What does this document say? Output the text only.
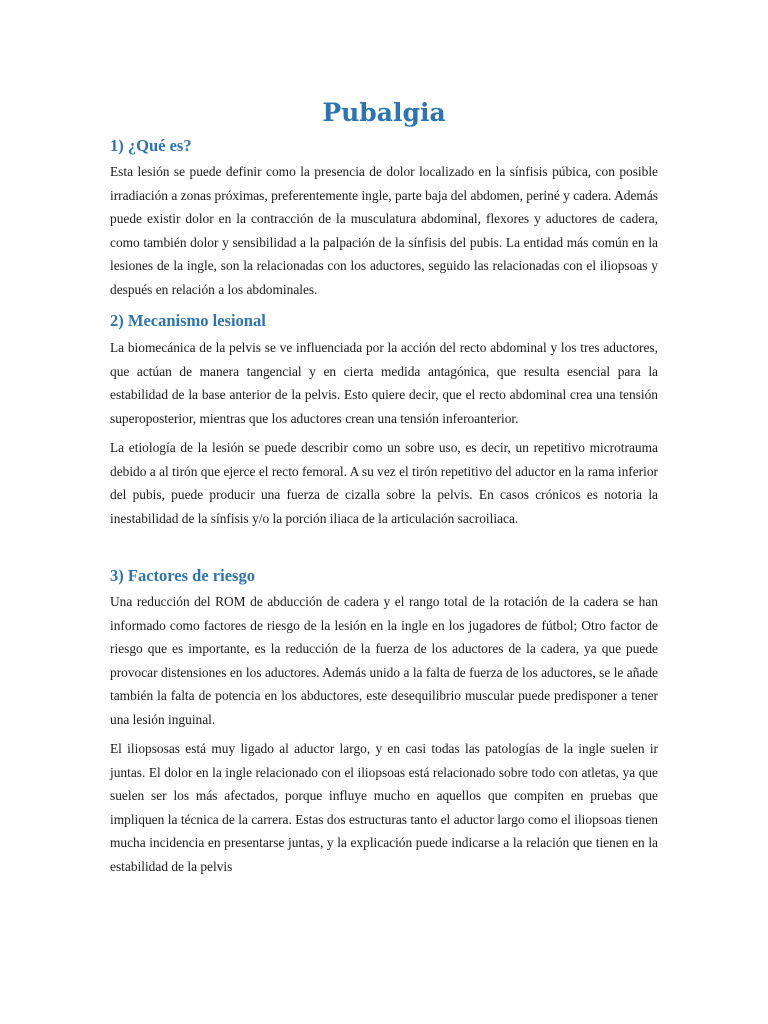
Pubalgia
1) ¿Qué es?

Esta lesión se puede definir como la presencia de dolor localizado en la sínfisis púbica, con posible irradiación a zonas próximas, preferentemente ingle, parte baja del abdomen, periné y cadera. Además puede existir dolor en la contracción de la musculatura abdominal, flexores y aductores de cadera, como también dolor y sensibilidad a la palpación de la sínfisis del pubis. La entidad más común en la lesiones de la ingle, son la relacionadas con los aductores, seguido las relacionadas con el iliopsoas y después en relación a los abdominales.

2) Mecanismo lesional

La biomecánica de la pelvis se ve influenciada por la acción del recto abdominal y los tres aductores, que actúan de manera tangencial y en cierta medida antagónica, que resulta esencial para la estabilidad de la base anterior de la pelvis. Esto quiere decir, que el recto abdominal crea una tensión superoposterior, mientras que los aductores crean una tensión inferoanterior.

La etiología de la lesión se puede describir como un sobre uso, es decir, un repetitivo microtrauma debido a al tirón que ejerce el recto femoral. A su vez el tirón repetitivo del aductor en la rama inferior del pubis, puede producir una fuerza de cizalla sobre la pelvis. En casos crónicos es notoria la inestabilidad de la sínfisis y/o la porción iliaca de la articulación sacroiliaca.

3) Factores de riesgo

Una reducción del ROM de abducción de cadera y el rango total de la rotación de la cadera se han informado como factores de riesgo de la lesión en la ingle en los jugadores de fútbol; Otro factor de riesgo que es importante, es la reducción de la fuerza de los aductores de la cadera, ya que puede provocar distensiones en los aductores. Además unido a la falta de fuerza de los aductores, se le añade también la falta de potencia en los abductores, este desequilibrio muscular puede predisponer a tener una lesión inguinal.

El iliopsosas está muy ligado al aductor largo, y en casi todas las patologías de la ingle suelen ir juntas. El dolor en la ingle relacionado con el iliopsoas está relacionado sobre todo con atletas, ya que suelen ser los más afectados, porque influye mucho en aquellos que compiten en pruebas que impliquen la técnica de la carrera. Estas dos estructuras tanto el aductor largo como el iliopsoas tienen mucha incidencia en presentarse juntas, y la explicación puede indicarse a la relación que tienen en la estabilidad de la pelvis
